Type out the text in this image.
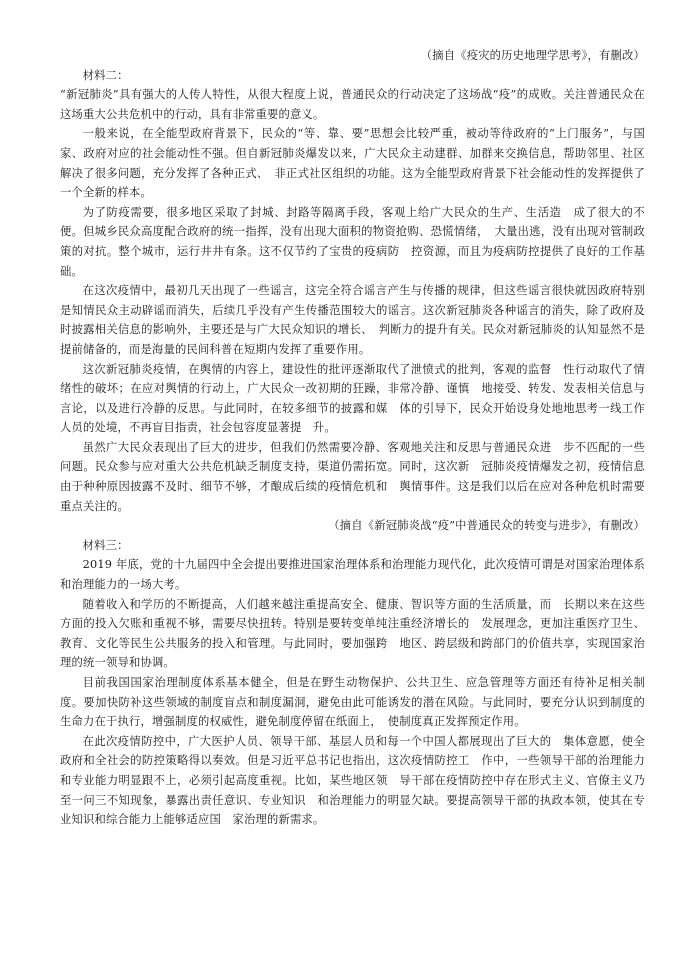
（摘自《疫灾的历史地理学思考》，有删改）

材料二：

“新冠肺炎”具有强大的人传人特性，从很大程度上说，普通民众的行动决定了这场战“疫”的成败。关注普通民众在这场重大公共危机中的行动，具有非常重要的意义。

一般来说，在全能型政府背景下，民众的“等、靠、要”思想会比较严重，被动等待政府的“上门服务”，与国家、政府对应的社会能动性不强。但自新冠肺炎爆发以来，广大民众主动建群、加群来交换信息，帮助邻里、社区解决了很多问题，充分发挥了各种正式、　非正式社区组织的功能。这为全能型政府背景下社会能动性的发挥提供了一个全新的样本。

为了防疫需要，很多地区采取了封城、封路等隔离手段，客观上给广大民众的生产、生活造　成了很大的不便。但城乡民众高度配合政府的统一指挥，没有出现大面积的物资抢购、恐慌情绪，　大量出逃，没有出现对管制政策的对抗。整个城市，运行井井有条。这不仅节约了宝贵的疫病防　控资源，而且为疫病防控提供了良好的工作基础。

在这次疫情中，最初几天出现了一些谣言，这完全符合谣言产生与传播的规律，但这些谣言很快就因政府特别是知情民众主动辟谣而消失，后续几乎没有产生传播范围较大的谣言。这次新冠肺炎各种谣言的消失，除了政府及时披露相关信息的影响外，主要还是与广大民众知识的增长、　判断力的提升有关。民众对新冠肺炎的认知显然不是提前储备的，而是海量的民间科普在短期内发挥了重要作用。

这次新冠肺炎疫情，在舆情的内容上，建设性的批评逐渐取代了泄愤式的批判，客观的监督　性行动取代了情绪性的破坏；在应对舆情的行动上，广大民众一改初期的狂躁，非常冷静、谨慎　地接受、转发、发表相关信息与言论，以及进行冷静的反思。与此同时，在较多细节的披露和媒　体的引导下，民众开始设身处地地思考一线工作人员的处境，不再盲目指责，社会包容度显著提　升。

虽然广大民众表现出了巨大的进步，但我们仍然需要冷静、客观地关注和反思与普通民众进　步不匹配的一些问题。民众参与应对重大公共危机缺乏制度支持，渠道仍需拓宽。同时，这次新　冠肺炎疫情爆发之初，疫情信息由于种种原因披露不及时、细节不够，才酿成后续的疫情危机和　舆情事件。这是我们以后在应对各种危机时需要重点关注的。

（摘自《新冠肺炎战“疫”中普通民众的转变与进步》，有删改）

材料三：

2019 年底，党的十九届四中全会提出要推进国家治理体系和治理能力现代化，此次疫情可谓是对国家治理体系和治理能力的一场大考。

随着收入和学历的不断提高，人们越来越注重提高安全、健康、智识等方面的生活质量，而　长期以来在这些方面的投入欠账和重视不够，需要尽快扭转。特别是要转变单纯注重经济增长的　发展理念，更加注重医疗卫生、教育、文化等民生公共服务的投入和管理。与此同时，要加强跨　地区、跨层级和跨部门的价值共享，实现国家治理的统一领导和协调。

目前我国国家治理制度体系基本健全，但是在野生动物保护、公共卫生、应急管理等方面还有待补足相关制度。要加快防补这些领域的制度盲点和制度漏洞，避免由此可能诱发的潜在风险。与此同时，要充分认识到制度的生命力在于执行，增强制度的权威性，避免制度停留在纸面上，　使制度真正发挥预定作用。

在此次疫情防控中，广大医护人员、领导干部、基层人员和每一个中国人都展现出了巨大的　集体意愿，使全政府和全社会的防控策略得以奏效。但是习近平总书记也指出，这次疫情防控工　作中，一些领导干部的治理能力和专业能力明显跟不上，必须引起高度重视。比如，某些地区领　导干部在疫情防控中存在形式主义、官僚主义乃至一问三不知现象，暴露出责任意识、专业知识　和治理能力的明显欠缺。要提高领导干部的执政本领，使其在专业知识和综合能力上能够适应国　家治理的新需求。
